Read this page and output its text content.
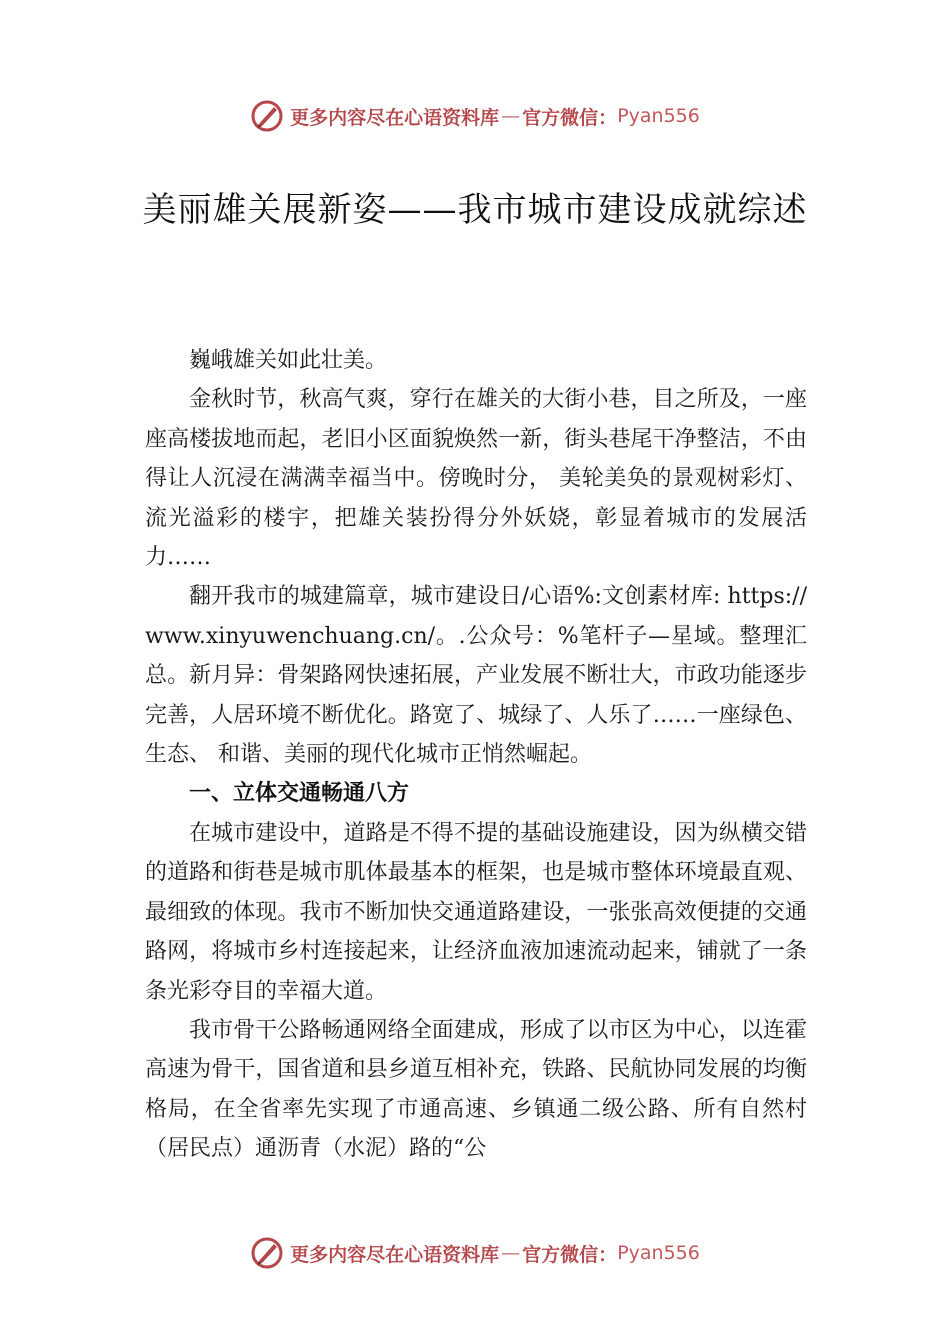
更多内容尽在心语资料库 — 官方微信： Pyan556
美丽雄关展新姿——我市城市建设成就综述

巍峨雄关如此壮美。

金秋时节，秋高气爽，穿行在雄关的大街小巷，目之所及，一座座高楼拔地而起，老旧小区面貌焕然一新，街头巷尾干净整洁，不由得让人沉浸在满满幸福当中。傍晚时分， 美轮美奂的景观树彩灯、流光溢彩的楼宇，把雄关装扮得分外妖娆，彰显着城市的发展活力……

翻开我市的城建篇章，城市建设日/心语%:文创素材库: https://www.xinyuwenchuang.cn/。.公众号：%笔杆子—星域。整理汇总。新月异：骨架路网快速拓展，产业发展不断壮大，市政功能逐步完善，人居环境不断优化。路宽了、城绿了、人乐了……一座绿色、生态、 和谐、美丽的现代化城市正悄然崛起。

一、立体交通畅通八方

在城市建设中，道路是不得不提的基础设施建设，因为纵横交错的道路和街巷是城市肌体最基本的框架，也是城市整体环境最直观、最细致的体现。我市不断加快交通道路建设，一张张高效便捷的交通路网，将城市乡村连接起来，让经济血液加速流动起来，铺就了一条条光彩夺目的幸福大道。

我市骨干公路畅通网络全面建成，形成了以市区为中心，以连霍高速为骨干，国省道和县乡道互相补充，铁路、民航协同发展的均衡格局，在全省率先实现了市通高速、乡镇通二级公路、所有自然村（居民点）通沥青（水泥）路的“公

更多内容尽在心语资料库 — 官方微信： Pyan556
